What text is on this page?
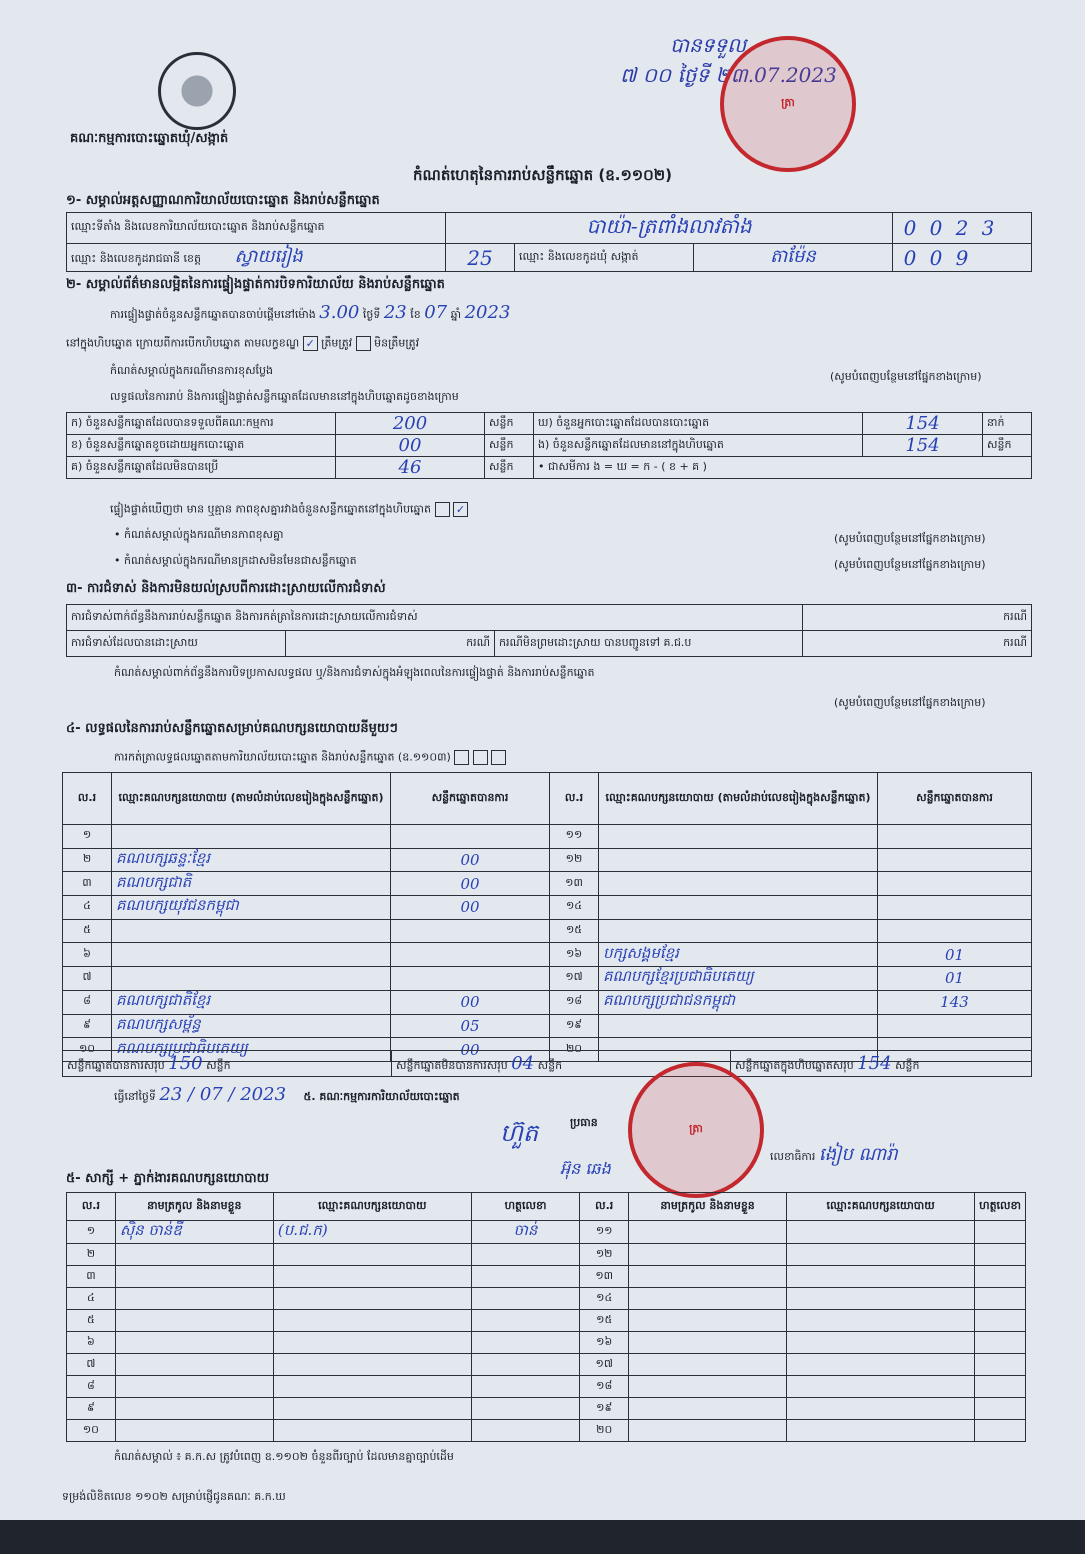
គណៈកម្មការបោះឆ្នោតឃុំ/សង្កាត់
បានទទួល
៧ ០០ ថ្ងៃទី ២៣.07.2023
ត្រា
កំណត់ហេតុនៃការរាប់សន្លឹកឆ្នោត (ឧ.១១០២)
១- សម្គាល់អត្តសញ្ញាណការិយាល័យបោះឆ្នោត និងរាប់សន្លឹកឆ្នោត
ឈ្មោះទីតាំង និងលេខការិយាល័យបោះឆ្នោត និងរាប់សន្លឹកឆ្នោត	បាយ៉ា-ត្រពាំងលាវតាំង			0 0 2 3
ឈ្មោះ និងលេខកូដរាជធានី ខេត្ត ស្វាយរៀង	25	ឈ្មោះ និងលេខកូដឃុំ សង្កាត់	តាម៉ែន	0 0 9
២- សម្គាល់ព័ត៌មានលម្អិតនៃការផ្ទៀងផ្ទាត់ការបិទការិយាល័យ និងរាប់សន្លឹកឆ្នោត
ការផ្ទៀងផ្ទាត់ចំនួនសន្លឹកឆ្នោតបានចាប់ផ្ដើមនៅម៉ោង 3.00 ថ្ងៃទី 23 ខែ 07 ឆ្នាំ 2023
នៅក្នុងហិបឆ្នោត ក្រោយពីការបើកហិបឆ្នោត តាមលក្ខខណ្ឌ ✓ ត្រឹមត្រូវ មិនត្រឹមត្រូវ
កំណត់សម្គាល់ក្នុងករណីមានការខុសប្លែង	(សូមបំពេញបន្ថែមនៅផ្នែកខាងក្រោម)
លទ្ធផលនៃការរាប់ និងការផ្ទៀងផ្ទាត់សន្លឹកឆ្នោតដែលមាននៅក្នុងហិបឆ្នោតដូចខាងក្រោម
ក) ចំនួនសន្លឹកឆ្នោតដែលបានទទួលពីគណៈកម្មការ	200	សន្លឹក	ឃ) ចំនួនអ្នកបោះឆ្នោតដែលបានបោះឆ្នោត	154	នាក់
ខ) ចំនួនសន្លឹកឆ្នោតខូចដោយអ្នកបោះឆ្នោត	00	សន្លឹក	ង) ចំនួនសន្លឹកឆ្នោតដែលមាននៅក្នុងហិបឆ្នោត	154	សន្លឹក
គ) ចំនួនសន្លឹកឆ្នោតដែលមិនបានប្រើ	46	សន្លឹក	• ជាសមីការ ង = ឃ = ក - ( ខ + គ )		
ផ្ទៀងផ្ទាត់ឃើញថា មាន ឬគ្មាន ភាពខុសគ្នារវាងចំនួនសន្លឹកឆ្នោតនៅក្នុងហិបឆ្នោត ✓
• កំណត់សម្គាល់ក្នុងករណីមានភាពខុសគ្នា	(សូមបំពេញបន្ថែមនៅផ្នែកខាងក្រោម)
• កំណត់សម្គាល់ក្នុងករណីមានក្រដាសមិនមែនជាសន្លឹកឆ្នោត	(សូមបំពេញបន្ថែមនៅផ្នែកខាងក្រោម)
៣- ការជំទាស់ និងការមិនយល់ស្របពីការដោះស្រាយលើការជំទាស់
ការជំទាស់ពាក់ព័ន្ធនឹងការរាប់សន្លឹកឆ្នោត និងការកត់ត្រានៃការដោះស្រាយលើការជំទាស់			ករណី
ការជំទាស់ដែលបានដោះស្រាយ	ករណី	ករណីមិនព្រមដោះស្រាយ បានបញ្ជូនទៅ គ.ជ.ប	ករណី
កំណត់សម្គាល់ពាក់ព័ន្ធនឹងការបិទប្រកាសលទ្ធផល ឬ/និងការជំទាស់ក្នុងអំឡុងពេលនៃការផ្ទៀងផ្ទាត់ និងការរាប់សន្លឹកឆ្នោត
(សូមបំពេញបន្ថែមនៅផ្នែកខាងក្រោម)
៤- លទ្ធផលនៃការរាប់សន្លឹកឆ្នោតសម្រាប់គណបក្សនយោបាយនីមួយៗ
ការកត់ត្រាលទ្ធផលឆ្នោតតាមការិយាល័យបោះឆ្នោត និងរាប់សន្លឹកឆ្នោត (ឧ.១១០៣)
ល.រ	ឈ្មោះគណបក្សនយោបាយ (តាមលំដាប់លេខរៀងក្នុងសន្លឹកឆ្នោត)	សន្លឹកឆ្នោតបានការ	ល.រ	ឈ្មោះគណបក្សនយោបាយ (តាមលំដាប់លេខរៀងក្នុងសន្លឹកឆ្នោត)	សន្លឹកឆ្នោតបានការ
១			១១		
២	គណបក្សឆន្ទៈខ្មែរ	00	១២		
៣	គណបក្សជាតិ	00	១៣		
៤	គណបក្សយុវជនកម្ពុជា	00	១៤		
៥			១៥		
៦			១៦	បក្សសង្គមខ្មែរ	01
៧			១៧	គណបក្សខ្មែរប្រជាធិបតេយ្យ	01
៨	គណបក្សជាតិខ្មែរ	00	១៨	គណបក្សប្រជាជនកម្ពុជា	143
៩	គណបក្សសម្ព័ន្ធ	05	១៩		
១០	គណបក្សប្រជាធិបតេយ្យ	00	២០		
សន្លឹកឆ្នោតបានការសរុប 150 សន្លឹក	សន្លឹកឆ្នោតមិនបានការសរុប 04 សន្លឹក	សន្លឹកឆ្នោតក្នុងហិបឆ្នោតសរុប 154 សន្លឹក
ធ្វើនៅថ្ងៃទី 23 / 07 / 2023 ៥. គណៈកម្មការការិយាល័យបោះឆ្នោត
ប្រធាន
ហ៊ួត
អ៊ុន ឆេង
លេខាធិការ ងៀប ណារ៉ា
ត្រា
៥- សាក្សី + ភ្នាក់ងារគណបក្សនយោបាយ
ល.រ	នាមត្រកូល និងនាមខ្លួន	ឈ្មោះគណបក្សនយោបាយ	ហត្ថលេខា	ល.រ	នាមត្រកូល និងនាមខ្លួន	ឈ្មោះគណបក្សនយោបាយ	ហត្ថលេខា
១	ស៊ិន ចាន់ឌី	(ប.ជ.ក)	ចាន់	១១			
២				១២			
៣				១៣			
៤				១៤			
៥				១៥			
៦				១៦			
៧				១៧			
៨				១៨			
៩				១៩			
១០				២០			
កំណត់សម្គាល់ ៖ គ.ក.ស ត្រូវបំពេញ ឧ.១១០២ ចំនួនពីរច្បាប់ ដែលមានគ្នាច្បាប់ដើម
ទម្រង់លិខិតលេខ ១១០២ សម្រាប់ផ្ញើជូនគណៈ គ.ក.ឃ
